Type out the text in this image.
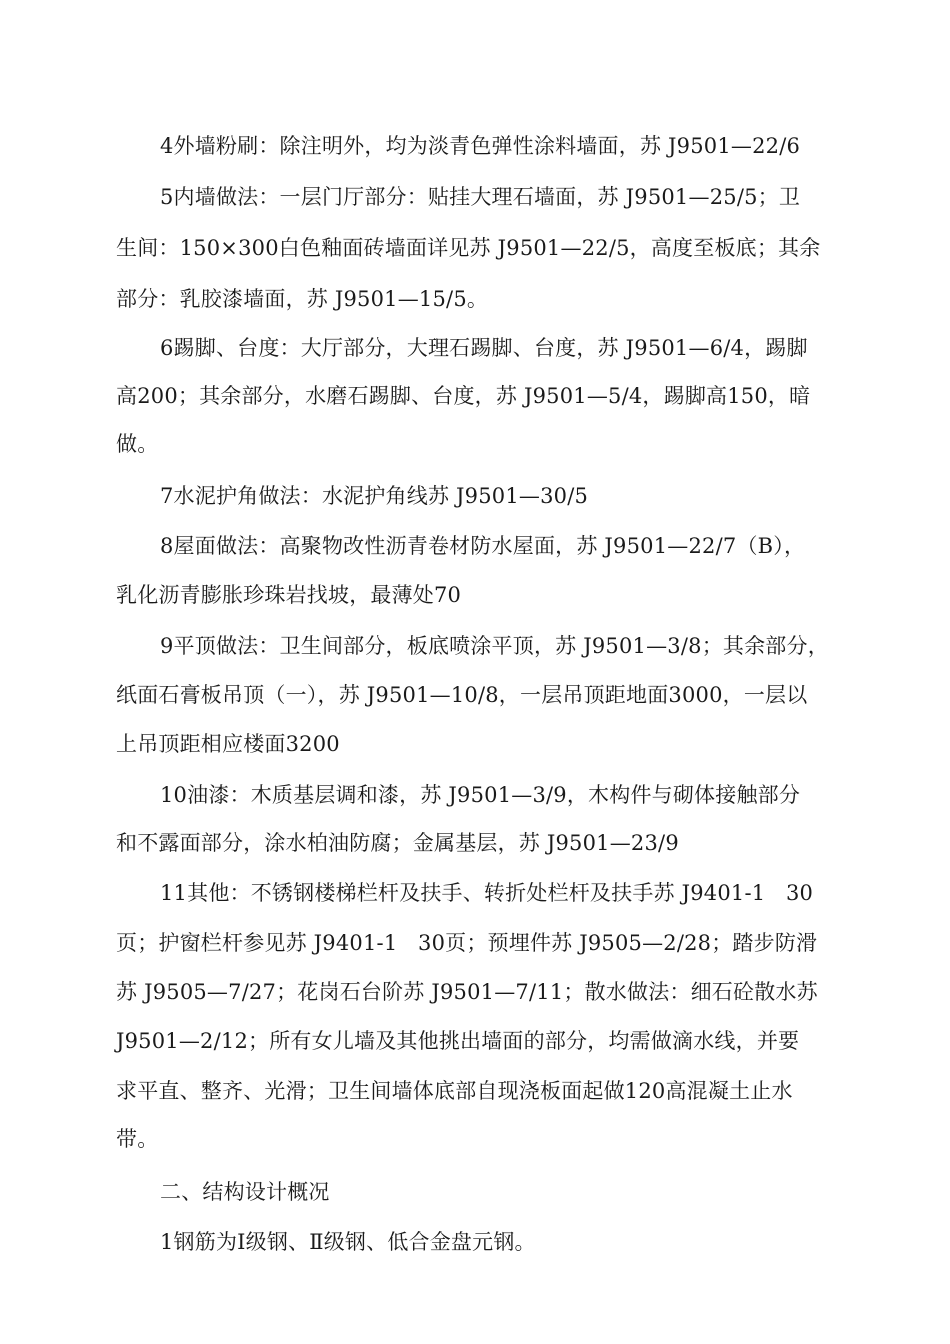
4外墙粉刷：除注明外，均为淡青色弹性涂料墙面，苏 J9501—22/6
5内墙做法：一层门厅部分：贴挂大理石墙面，苏 J9501—25/5；卫
生间：150×300白色釉面砖墙面详见苏 J9501—22/5，高度至板底；其余
部分：乳胶漆墙面，苏 J9501—15/5。
6踢脚、台度：大厅部分，大理石踢脚、台度，苏 J9501—6/4，踢脚
高200；其余部分，水磨石踢脚、台度，苏 J9501—5/4，踢脚高150，暗
做。
7水泥护角做法：水泥护角线苏 J9501—30/5
8屋面做法：高聚物改性沥青卷材防水屋面，苏 J9501—22/7（B），
乳化沥青膨胀珍珠岩找坡，最薄处70
9平顶做法：卫生间部分，板底喷涂平顶，苏 J9501—3/8；其余部分，
纸面石膏板吊顶（一），苏 J9501—10/8，一层吊顶距地面3000，一层以
上吊顶距相应楼面3200
10油漆：木质基层调和漆，苏 J9501—3/9，木构件与砌体接触部分
和不露面部分，涂水柏油防腐；金属基层，苏 J9501—23/9
11其他：不锈钢楼梯栏杆及扶手、转折处栏杆及扶手苏 J9401-1   30
页；护窗栏杆参见苏 J9401-1   30页；预埋件苏 J9505—2/28；踏步防滑
苏 J9505—7/27；花岗石台阶苏 J9501—7/11；散水做法：细石砼散水苏
J9501—2/12；所有女儿墙及其他挑出墙面的部分，均需做滴水线，并要
求平直、整齐、光滑；卫生间墙体底部自现浇板面起做120高混凝土止水
带。
二、结构设计概况
1钢筋为Ⅰ级钢、Ⅱ级钢、低合金盘元钢。
